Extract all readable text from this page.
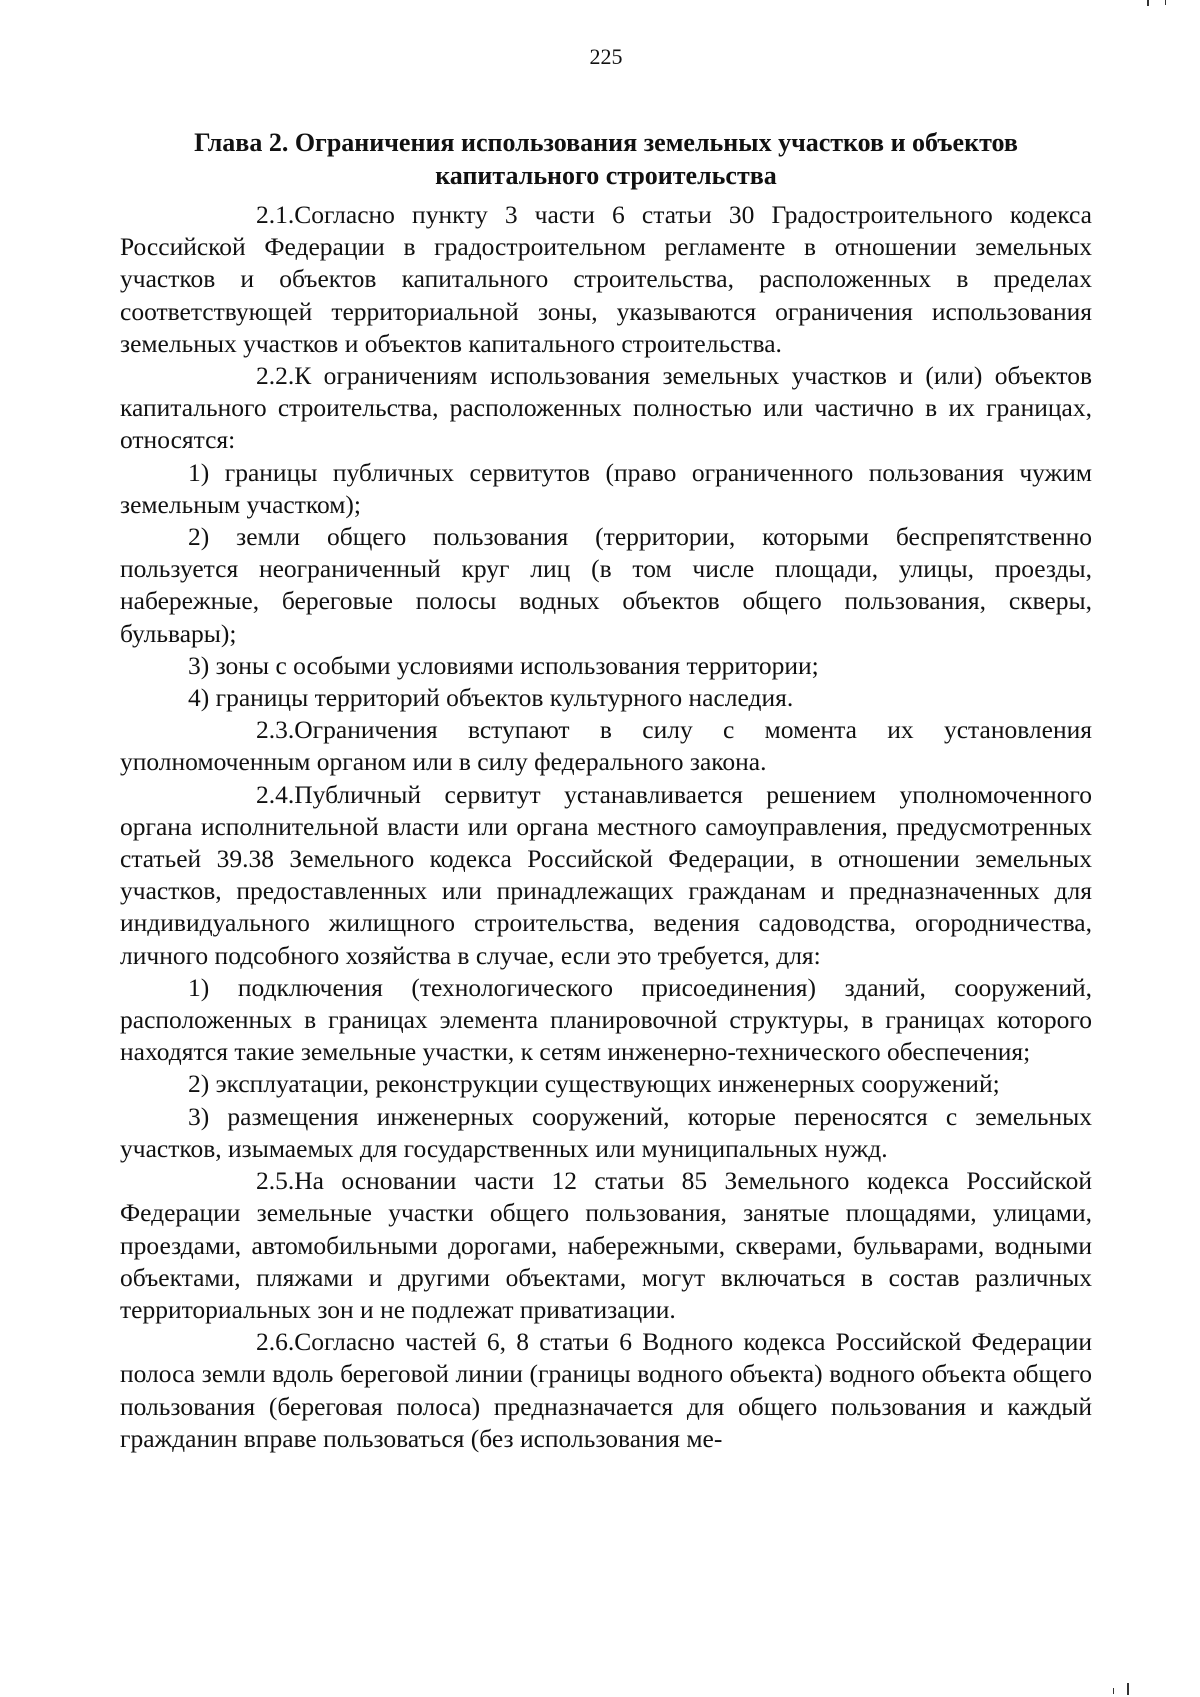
225
Глава 2. Ограничения использования земельных участков и объектов капитального строительства

2.1.Согласно пункту 3 части 6 статьи 30 Градостроительного кодекса Российской Федерации в градостроительном регламенте в отношении земельных участков и объектов капитального строительства, расположенных в пределах соответствующей территориальной зоны, указываются ограничения использования земельных участков и объектов капитального строительства.

2.2.К ограничениям использования земельных участков и (или) объектов капитального строительства, расположенных полностью или частично в их границах, относятся:

1) границы публичных сервитутов (право ограниченного пользования чужим земельным участком);

2) земли общего пользования (территории, которыми беспрепятственно пользуется неограниченный круг лиц (в том числе площади, улицы, проезды, набережные, береговые полосы водных объектов общего пользования, скверы, бульвары);

3) зоны с особыми условиями использования территории;

4) границы территорий объектов культурного наследия.

2.3.Ограничения вступают в силу с момента их установления уполномоченным органом или в силу федерального закона.

2.4.Публичный сервитут устанавливается решением уполномоченного органа исполнительной власти или органа местного самоуправления, предусмотренных статьей 39.38 Земельного кодекса Российской Федерации, в отношении земельных участков, предоставленных или принадлежащих гражданам и предназначенных для индивидуального жилищного строительства, ведения садоводства, огородничества, личного подсобного хозяйства в случае, если это требуется, для:

1) подключения (технологического присоединения) зданий, сооружений, расположенных в границах элемента планировочной структуры, в границах которого находятся такие земельные участки, к сетям инженерно-технического обеспечения;

2) эксплуатации, реконструкции существующих инженерных сооружений;

3) размещения инженерных сооружений, которые переносятся с земельных участков, изымаемых для государственных или муниципальных нужд.

2.5.На основании части 12 статьи 85 Земельного кодекса Российской Федерации земельные участки общего пользования, занятые площадями, улицами, проездами, автомобильными дорогами, набережными, скверами, бульварами, водными объектами, пляжами и другими объектами, могут включаться в состав различных территориальных зон и не подлежат приватизации.

2.6.Согласно частей 6, 8 статьи 6 Водного кодекса Российской Федерации полоса земли вдоль береговой линии (границы водного объекта) водного объекта общего пользования (береговая полоса) предназначается для общего пользования и каждый гражданин вправе пользоваться (без использования ме-
